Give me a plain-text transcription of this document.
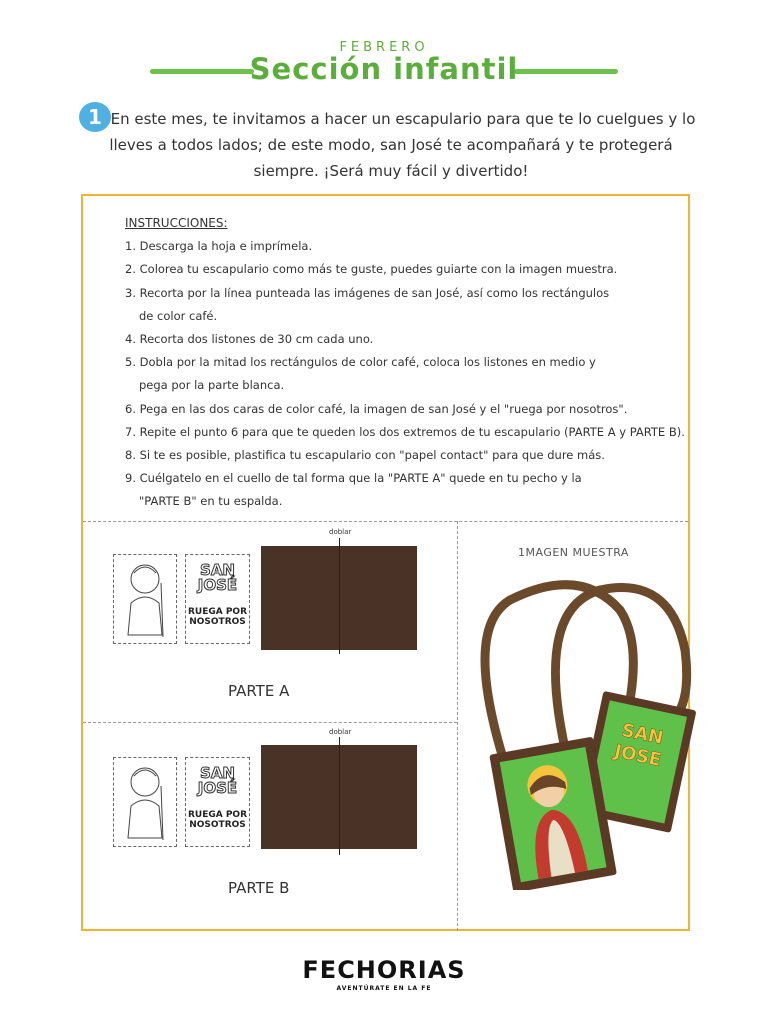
FEBRERO
Sección infantil
1 En este mes, te invitamos a hacer un escapulario para que te lo cuelgues y lo lleves a todos lados; de este modo, san José te acompañará y te protegerá siempre. ¡Será muy fácil y divertido!
INSTRUCCIONES:
1. Descarga la hoja e imprímela.
2. Colorea tu escapulario como más te guste, puedes guiarte con la imagen muestra.
3. Recorta por la línea punteada las imágenes de san José, así como los rectángulos
de color café.
4. Recorta dos listones de 30 cm cada uno.
5. Dobla por la mitad los rectángulos de color café, coloca los listones en medio y
pega por la parte blanca.
6. Pega en las dos caras de color café, la imagen de san José y el "ruega por nosotros".
7. Repite el punto 6 para que te queden los dos extremos de tu escapulario (PARTE A y PARTE B).
8. Si te es posible, plastifica tu escapulario con "papel contact" para que dure más.
9. Cuélgatelo en el cuello de tal forma que la "PARTE A" quede en tu pecho y la
"PARTE B" en tu espalda.
SAN JOSÉ
RUEGA POR NOSOTROS
doblar
PARTE A
SAN JOSÉ
RUEGA POR NOSOTROS
doblar
PARTE B
1MAGEN MUESTRA
SAN
JOSE
FECHORIAS
AVENTÚRATE EN LA FE
